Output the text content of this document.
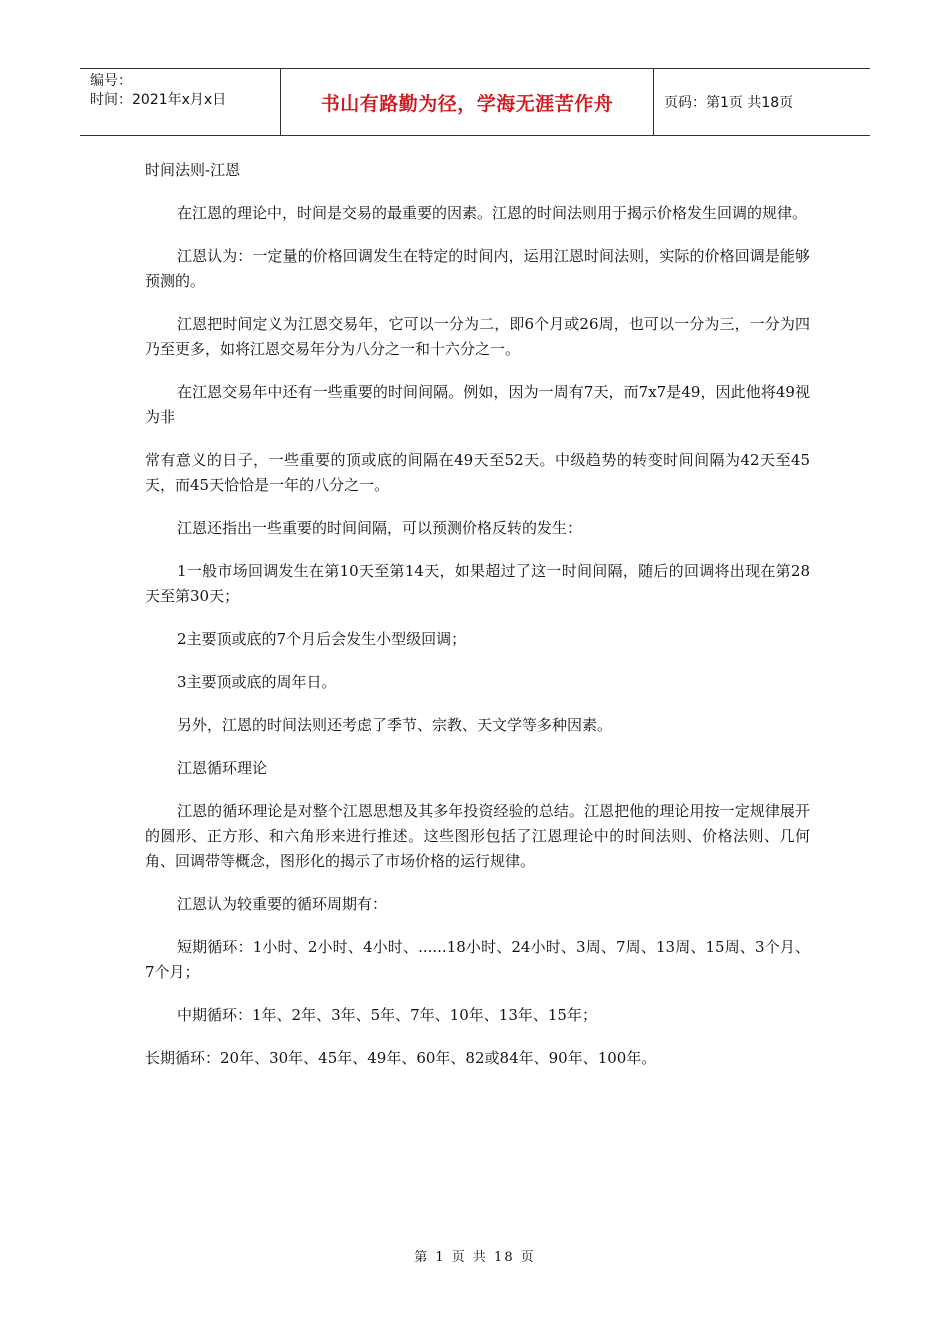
编号：
时间：2021年x月x日	书山有路勤为径，学海无涯苦作舟	页码：第1页 共18页

时间法则-江恩

在江恩的理论中，时间是交易的最重要的因素。江恩的时间法则用于揭示价格发生回调的规律。

江恩认为：一定量的价格回调发生在特定的时间内，运用江恩时间法则，实际的价格回调是能够预测的。

江恩把时间定义为江恩交易年，它可以一分为二，即6个月或26周，也可以一分为三，一分为四乃至更多，如将江恩交易年分为八分之一和十六分之一。

在江恩交易年中还有一些重要的时间间隔。例如，因为一周有7天，而7x7是49，因此他将49视为非

常有意义的日子，一些重要的顶或底的间隔在49天至52天。中级趋势的转变时间间隔为42天至45天，而45天恰恰是一年的八分之一。

江恩还指出一些重要的时间间隔，可以预测价格反转的发生：

1一般市场回调发生在第10天至第14天，如果超过了这一时间间隔，随后的回调将出现在第28天至第30天；

2主要顶或底的7个月后会发生小型级回调；

3主要顶或底的周年日。

另外，江恩的时间法则还考虑了季节、宗教、天文学等多种因素。

江恩循环理论

江恩的循环理论是对整个江恩思想及其多年投资经验的总结。江恩把他的理论用按一定规律展开的圆形、正方形、和六角形来进行推述。这些图形包括了江恩理论中的时间法则、价格法则、几何角、回调带等概念，图形化的揭示了市场价格的运行规律。

江恩认为较重要的循环周期有：

短期循环：1小时、2小时、4小时、......18小时、24小时、3周、7周、13周、15周、3个月、7个月；

中期循环：1年、2年、3年、5年、7年、10年、13年、15年；

长期循环：20年、30年、45年、49年、60年、82或84年、90年、100年。

第 1 页 共 18 页
